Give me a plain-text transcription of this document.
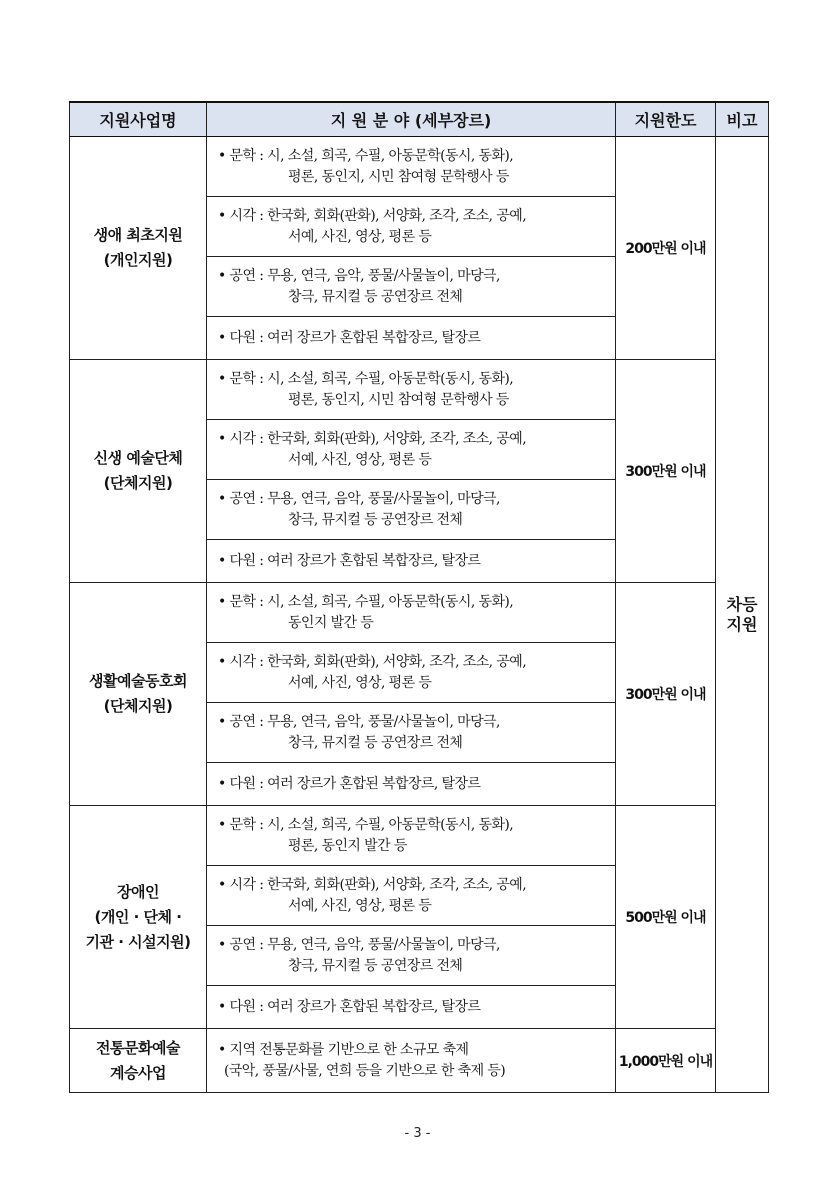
지원사업명	지 원 분 야 (세부장르)	지원한도	비고
생애 최초지원
(개인지원)	• 문학 : 시, 소설, 희곡, 수필, 아동문학(동시, 동화),
평론, 동인지, 시민 참여형 문학행사 등	200만원 이내	차등
지원

	• 시각 : 한국화, 회화(판화), 서양화, 조각, 조소, 공예,
서예, 사진, 영상, 평론 등

	• 공연 : 무용, 연극, 음악, 풍물/사물놀이, 마당극,
창극, 뮤지컬 등 공연장르 전체

	• 다원 : 여러 장르가 혼합된 복합장르, 탈장르

신생 예술단체
(단체지원)	• 문학 : 시, 소설, 희곡, 수필, 아동문학(동시, 동화),
평론, 동인지, 시민 참여형 문학행사 등	300만원 이내	

	• 시각 : 한국화, 회화(판화), 서양화, 조각, 조소, 공예,
서예, 사진, 영상, 평론 등

	• 공연 : 무용, 연극, 음악, 풍물/사물놀이, 마당극,
창극, 뮤지컬 등 공연장르 전체

	• 다원 : 여러 장르가 혼합된 복합장르, 탈장르

생활예술동호회
(단체지원)	• 문학 : 시, 소설, 희곡, 수필, 아동문학(동시, 동화),
동인지 발간 등	300만원 이내	

	• 시각 : 한국화, 회화(판화), 서양화, 조각, 조소, 공예,
서예, 사진, 영상, 평론 등

	• 공연 : 무용, 연극, 음악, 풍물/사물놀이, 마당극,
창극, 뮤지컬 등 공연장르 전체

	• 다원 : 여러 장르가 혼합된 복합장르, 탈장르

장애인
(개인 · 단체 ·
기관 · 시설지원)	• 문학 : 시, 소설, 희곡, 수필, 아동문학(동시, 동화),
평론, 동인지 발간 등	500만원 이내	

	• 시각 : 한국화, 회화(판화), 서양화, 조각, 조소, 공예,
서예, 사진, 영상, 평론 등

	• 공연 : 무용, 연극, 음악, 풍물/사물놀이, 마당극,
창극, 뮤지컬 등 공연장르 전체

	• 다원 : 여러 장르가 혼합된 복합장르, 탈장르

전통문화예술
계승사업	• 지역 전통문화를 기반으로 한 소규모 축제
(국악, 풍물/사물, 연희 등을 기반으로 한 축제 등)	1,000만원 이내	
- 3 -
